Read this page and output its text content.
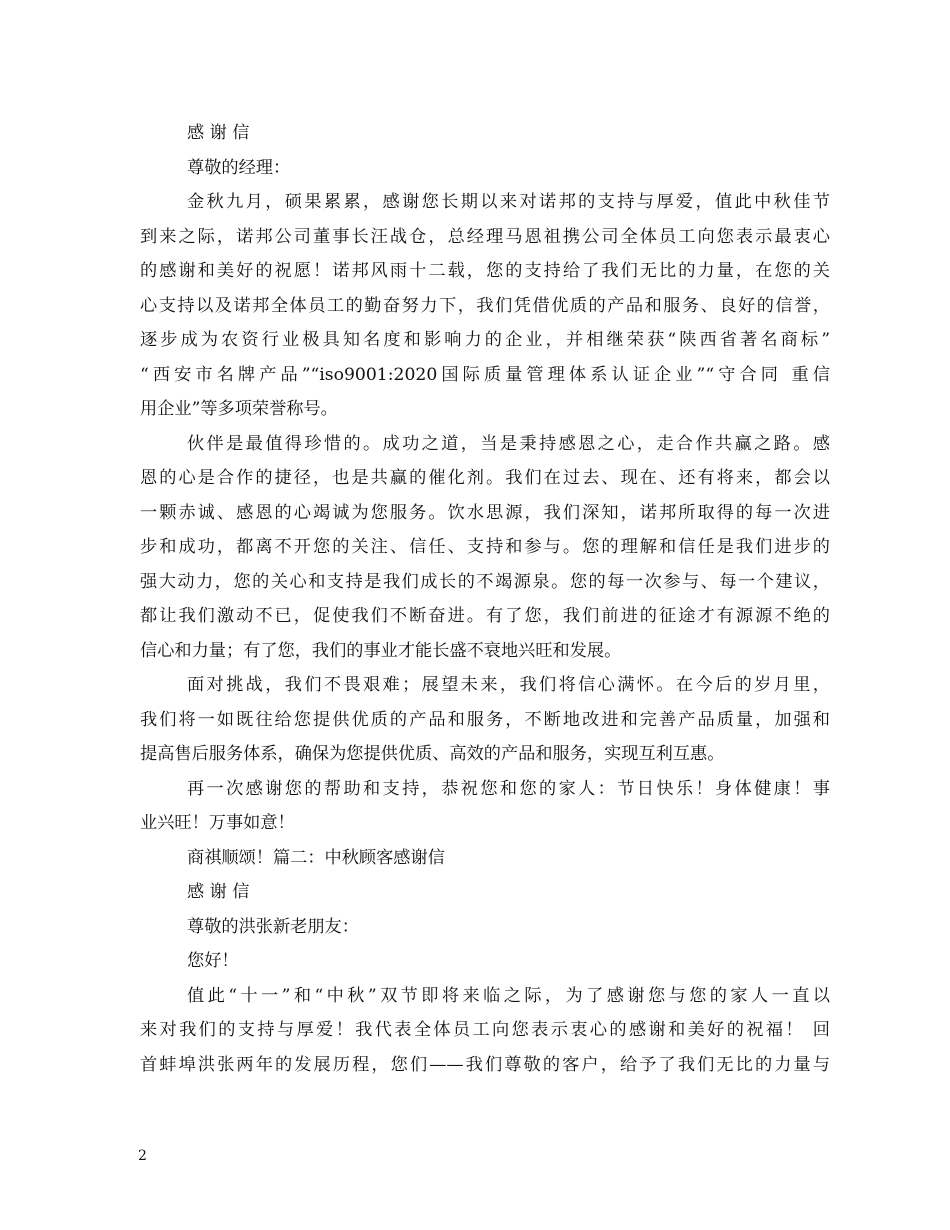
感 谢 信
尊敬的经理：
金秋九月，硕果累累，感谢您长期以来对诺邦的支持与厚爱，值此中秋佳节
到来之际，诺邦公司董事长汪战仓，总经理马恩祖携公司全体员工向您表示最衷心
的感谢和美好的祝愿！诺邦风雨十二载，您的支持给了我们无比的力量，在您的关
心支持以及诺邦全体员工的勤奋努力下，我们凭借优质的产品和服务、良好的信誉，
逐步成为农资行业极具知名度和影响力的企业，并相继荣获“陕西省著名商标”
“西安市名牌产品”“iso9001:2020国际质量管理体系认证企业”“守合同 重信
用企业”等多项荣誉称号。
伙伴是最值得珍惜的。成功之道，当是秉持感恩之心，走合作共赢之路。感
恩的心是合作的捷径，也是共赢的催化剂。我们在过去、现在、还有将来，都会以
一颗赤诚、感恩的心竭诚为您服务。饮水思源，我们深知，诺邦所取得的每一次进
步和成功，都离不开您的关注、信任、支持和参与。您的理解和信任是我们进步的
强大动力，您的关心和支持是我们成长的不竭源泉。您的每一次参与、每一个建议，
都让我们激动不已，促使我们不断奋进。有了您，我们前进的征途才有源源不绝的
信心和力量；有了您，我们的事业才能长盛不衰地兴旺和发展。
面对挑战，我们不畏艰难；展望未来，我们将信心满怀。在今后的岁月里，
我们将一如既往给您提供优质的产品和服务，不断地改进和完善产品质量，加强和
提高售后服务体系，确保为您提供优质、高效的产品和服务，实现互利互惠。
再一次感谢您的帮助和支持，恭祝您和您的家人：节日快乐！身体健康！事
业兴旺！万事如意！
商祺顺颂！篇二：中秋顾客感谢信
感 谢 信
尊敬的洪张新老朋友：
您好！
值此“十一”和“中秋”双节即将来临之际，为了感谢您与您的家人一直以
来对我们的支持与厚爱！我代表全体员工向您表示衷心的感谢和美好的祝福！ 回
首蚌埠洪张两年的发展历程，您们——我们尊敬的客户，给予了我们无比的力量与
2
